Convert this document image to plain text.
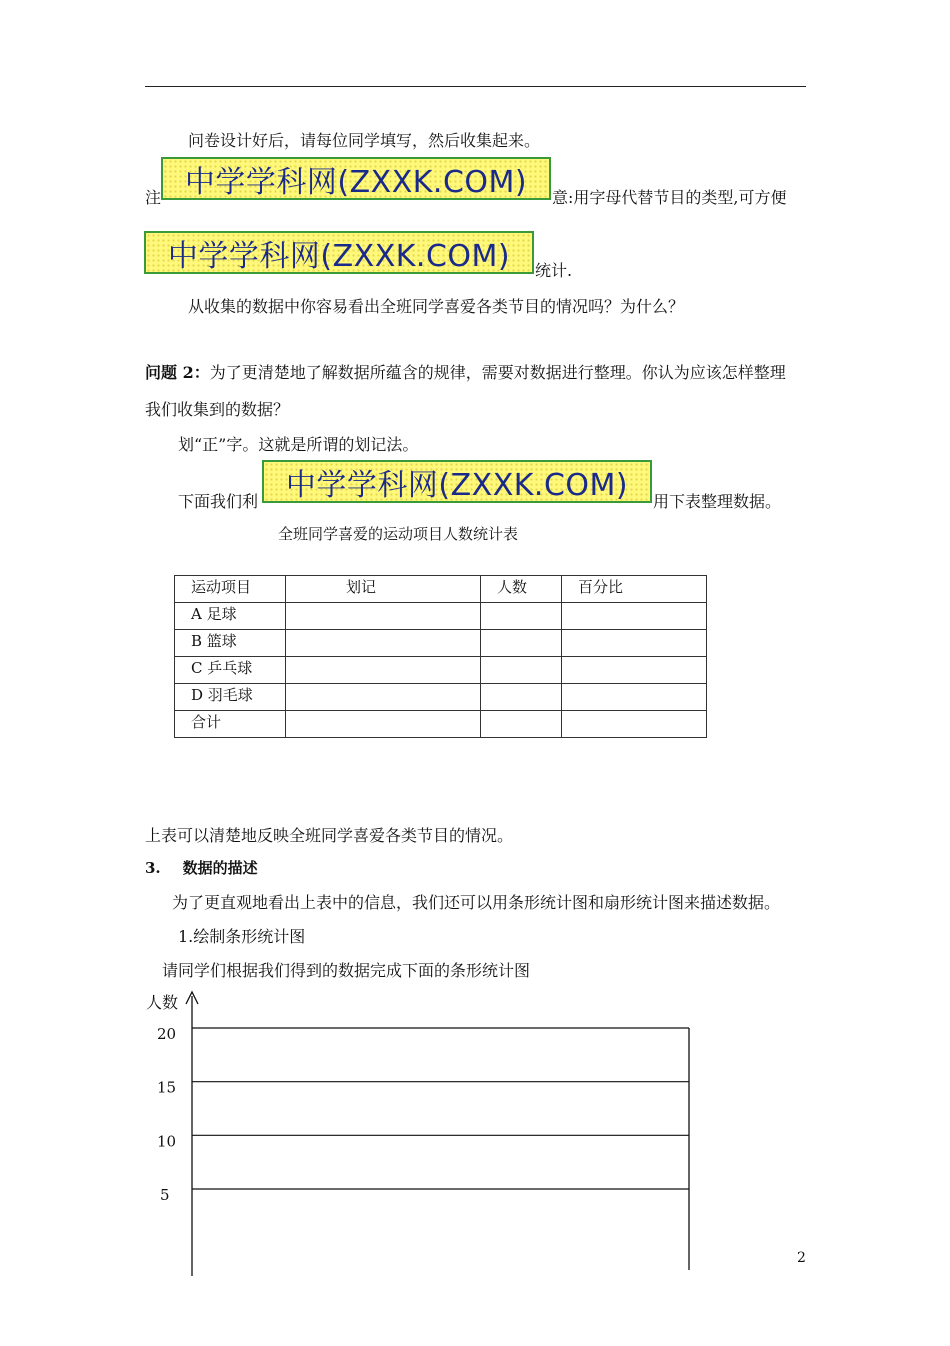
问卷设计好后，请每位同学填写，然后收集起来。
注 中学学科网(ZXXK.COM) 意:用字母代替节目的类型,可方便
中学学科网(ZXXK.COM) 统计.
从收集的数据中你容易看出全班同学喜爱各类节目的情况吗？为什么？
问题 2：为了更清楚地了解数据所蕴含的规律，需要对数据进行整理。你认为应该怎样整理
我们收集到的数据？
划“正”字。这就是所谓的划记法。
下面我们利 中学学科网(ZXXK.COM) 用下表整理数据。
全班同学喜爱的运动项目人数统计表
运动项目	划记	人数	百分比
A 足球			
B 篮球			
C 乒乓球			
D 羽毛球			
合计			
上表可以清楚地反映全班同学喜爱各类节目的情况。
3. 数据的描述
为了更直观地看出上表中的信息，我们还可以用条形统计图和扇形统计图来描述数据。
1.绘制条形统计图
请同学们根据我们得到的数据完成下面的条形统计图
人数
20
15
10
5
2
